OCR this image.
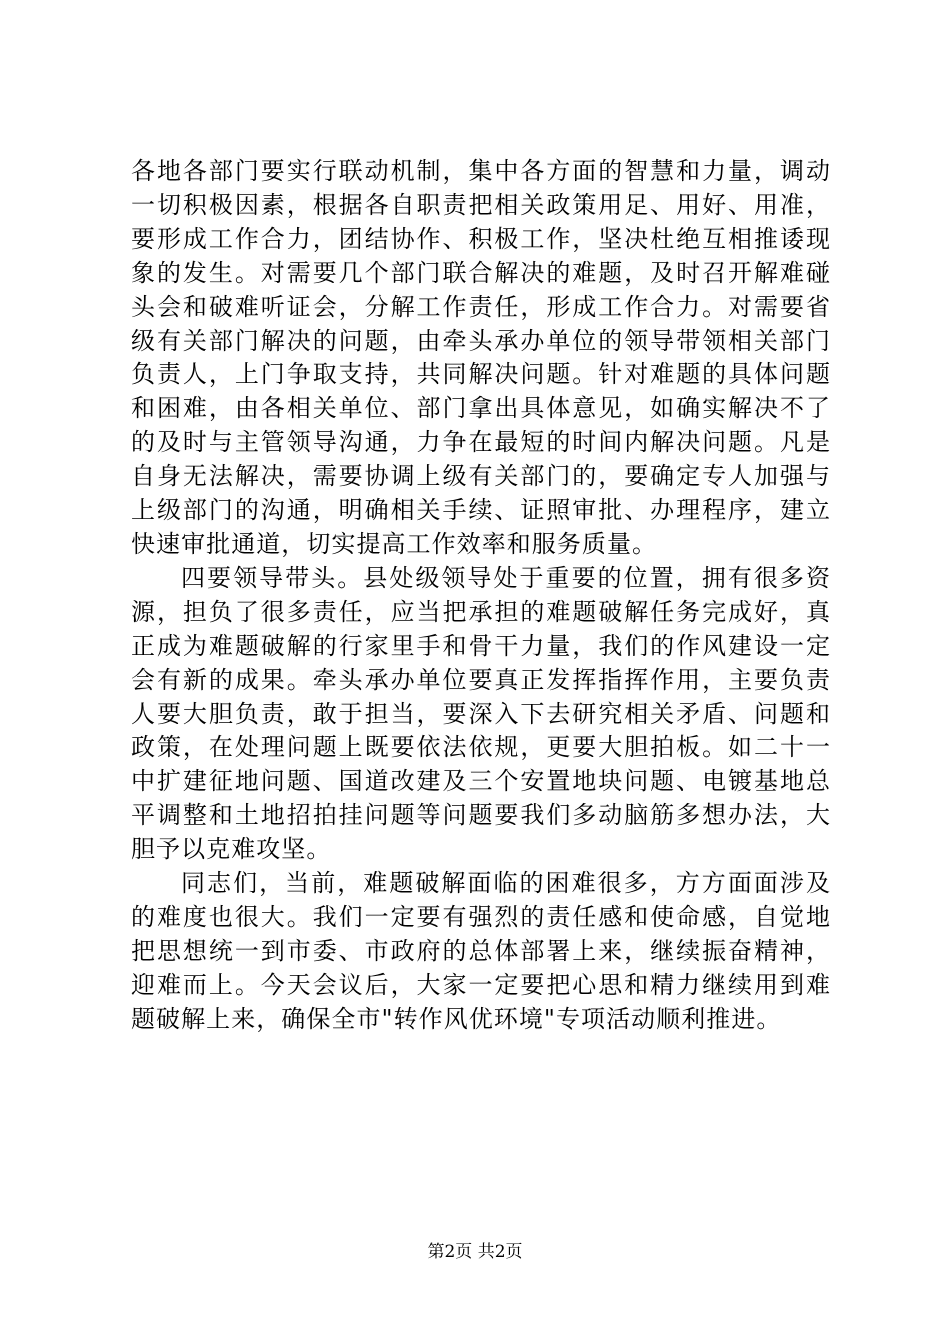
各地各部门要实行联动机制，集中各方面的智慧和力量，调动一切积极因素，根据各自职责把相关政策用足、用好、用准，要形成工作合力，团结协作、积极工作，坚决杜绝互相推诿现象的发生。对需要几个部门联合解决的难题，及时召开解难碰头会和破难听证会，分解工作责任，形成工作合力。对需要省级有关部门解决的问题，由牵头承办单位的领导带领相关部门负责人，上门争取支持，共同解决问题。针对难题的具体问题和困难，由各相关单位、部门拿出具体意见，如确实解决不了的及时与主管领导沟通，力争在最短的时间内解决问题。凡是自身无法解决，需要协调上级有关部门的，要确定专人加强与上级部门的沟通，明确相关手续、证照审批、办理程序，建立快速审批通道，切实提高工作效率和服务质量。

四要领导带头。县处级领导处于重要的位置，拥有很多资源，担负了很多责任，应当把承担的难题破解任务完成好，真正成为难题破解的行家里手和骨干力量，我们的作风建设一定会有新的成果。牵头承办单位要真正发挥指挥作用，主要负责人要大胆负责，敢于担当，要深入下去研究相关矛盾、问题和政策，在处理问题上既要依法依规，更要大胆拍板。如二十一中扩建征地问题、国道改建及三个安置地块问题、电镀基地总平调整和土地招拍挂问题等问题要我们多动脑筋多想办法，大胆予以克难攻坚。

同志们，当前，难题破解面临的困难很多，方方面面涉及的难度也很大。我们一定要有强烈的责任感和使命感，自觉地把思想统一到市委、市政府的总体部署上来，继续振奋精神，迎难而上。今天会议后，大家一定要把心思和精力继续用到难题破解上来，确保全市"转作风优环境"专项活动顺利推进。

第2页 共2页
